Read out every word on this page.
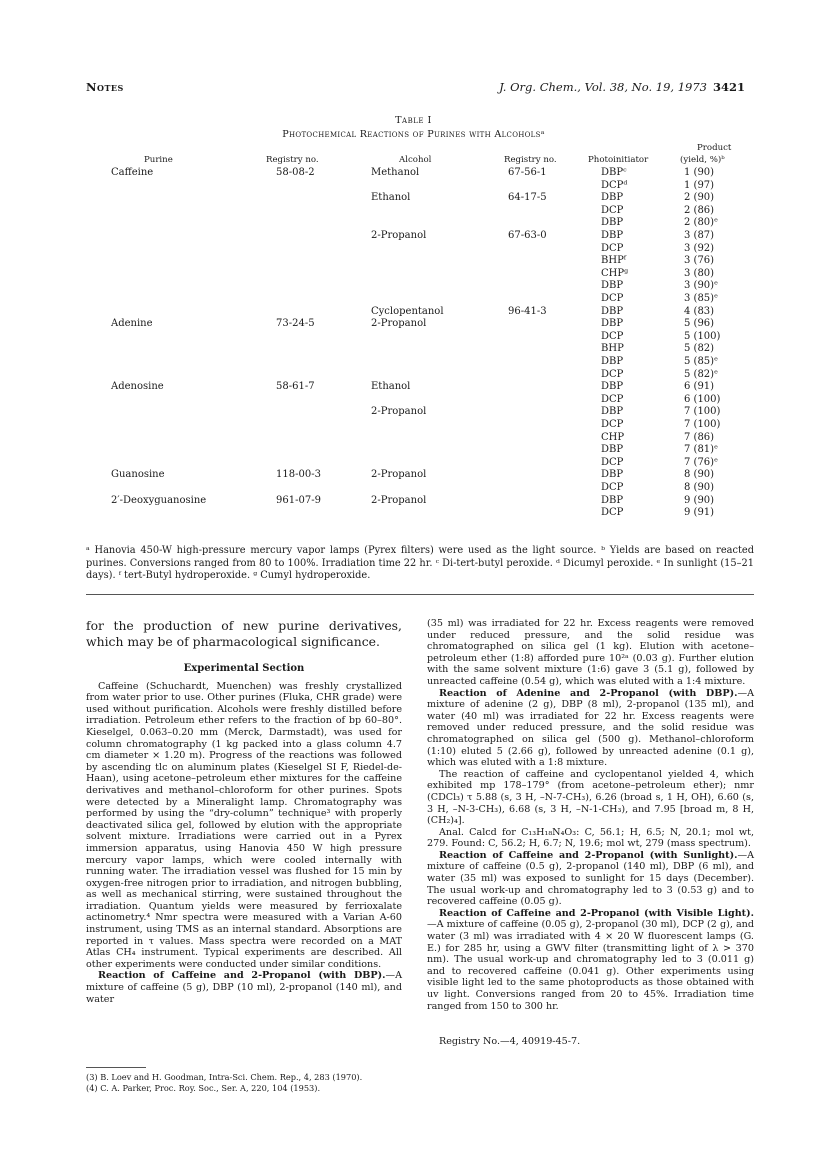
Notes	J. Org. Chem., Vol. 38, No. 19, 1973 3421
Table I
Photochemical Reactions of Purines with Alcoholsᵃ
Purine	Registry no.	Alcohol	Registry no.	Photoinitiator
Product
(yield, %)ᵇ
Caffeine	58-08-2	Methanol	67-56-1	DBPᶜ	1 (90)
DCPᵈ	1 (97)
Ethanol	64-17-5	DBP	2 (90)
DCP	2 (86)
DBP	2 (80)ᵉ
2-Propanol	67-63-0	DBP	3 (87)
DCP	3 (92)
BHPᶠ	3 (76)
CHPᵍ	3 (80)
DBP	3 (90)ᵉ
DCP	3 (85)ᵉ
Cyclopentanol	96-41-3	DBP	4 (83)
Adenine	73-24-5	2-Propanol	DBP	5 (96)
DCP	5 (100)
BHP	5 (82)
DBP	5 (85)ᵉ
DCP	5 (82)ᵉ
Adenosine	58-61-7	Ethanol	DBP	6 (91)
DCP	6 (100)
2-Propanol	DBP	7 (100)
DCP	7 (100)
CHP	7 (86)
DBP	7 (81)ᵉ
DCP	7 (76)ᵉ
Guanosine	118-00-3	2-Propanol	DBP	8 (90)
DCP	8 (90)
2′-Deoxyguanosine	961-07-9	2-Propanol	DBP	9 (90)
DCP	9 (91)
ᵃ Hanovia 450-W high-pressure mercury vapor lamps (Pyrex filters) were used as the light source. ᵇ Yields are based on reacted purines. Conversions ranged from 80 to 100%. Irradiation time 22 hr. ᶜ Di-tert-butyl peroxide. ᵈ Dicumyl peroxide. ᵉ In sunlight (15–21 days). ᶠ tert-Butyl hydroperoxide. ᵍ Cumyl hydroperoxide.

for the production of new purine derivatives, which may be of pharmacological significance.

Experimental Section

Caffeine (Schuchardt, Muenchen) was freshly crystallized from water prior to use. Other purines (Fluka, CHR grade) were used without purification. Alcohols were freshly distilled before irradiation. Petroleum ether refers to the fraction of bp 60–80°. Kieselgel, 0.063–0.20 mm (Merck, Darmstadt), was used for column chromatography (1 kg packed into a glass column 4.7 cm diameter × 1.20 m). Progress of the reactions was followed by ascending tlc on aluminum plates (Kieselgel SI F, Riedel-de-Haan), using acetone–petroleum ether mixtures for the caffeine derivatives and methanol–chloroform for other purines. Spots were detected by a Mineralight lamp. Chromatography was performed by using the “dry-column” technique³ with properly deactivated silica gel, followed by elution with the appropriate solvent mixture. Irradiations were carried out in a Pyrex immersion apparatus, using Hanovia 450 W high pressure mercury vapor lamps, which were cooled internally with running water. The irradiation vessel was flushed for 15 min by oxygen-free nitrogen prior to irradiation, and nitrogen bubbling, as well as mechanical stirring, were sustained throughout the irradiation. Quantum yields were measured by ferrioxalate actinometry.⁴ Nmr spectra were measured with a Varian A-60 instrument, using TMS as an internal standard. Absorptions are reported in τ values. Mass spectra were recorded on a MAT Atlas CH₄ instrument. Typical experiments are described. All other experiments were conducted under similar conditions.

Reaction of Caffeine and 2-Propanol (with DBP).—A mixture of caffeine (5 g), DBP (10 ml), 2-propanol (140 ml), and water

(35 ml) was irradiated for 22 hr. Excess reagents were removed under reduced pressure, and the solid residue was chromatographed on silica gel (1 kg). Elution with acetone–petroleum ether (1:8) afforded pure 10²ᵃ (0.03 g). Further elution with the same solvent mixture (1:6) gave 3 (5.1 g), followed by unreacted caffeine (0.54 g), which was eluted with a 1:4 mixture.

Reaction of Adenine and 2-Propanol (with DBP).—A mixture of adenine (2 g), DBP (8 ml), 2-propanol (135 ml), and water (40 ml) was irradiated for 22 hr. Excess reagents were removed under reduced pressure, and the solid residue was chromatographed on silica gel (500 g). Methanol–chloroform (1:10) eluted 5 (2.66 g), followed by unreacted adenine (0.1 g), which was eluted with a 1:8 mixture.

The reaction of caffeine and cyclopentanol yielded 4, which exhibited mp 178–179° (from acetone–petroleum ether); nmr (CDCl₃) τ 5.88 (s, 3 H, –N-7-CH₃), 6.26 (broad s, 1 H, OH), 6.60 (s, 3 H, –N-3-CH₃), 6.68 (s, 3 H, –N-1-CH₃), and 7.95 [broad m, 8 H, (CH₂)₄].

Anal. Calcd for C₁₃H₁₈N₄O₃: C, 56.1; H, 6.5; N, 20.1; mol wt, 279. Found: C, 56.2; H, 6.7; N, 19.6; mol wt, 279 (mass spectrum).

Reaction of Caffeine and 2-Propanol (with Sunlight).—A mixture of caffeine (0.5 g), 2-propanol (140 ml), DBP (6 ml), and water (35 ml) was exposed to sunlight for 15 days (December). The usual work-up and chromatography led to 3 (0.53 g) and to recovered caffeine (0.05 g).

Reaction of Caffeine and 2-Propanol (with Visible Light).—A mixture of caffeine (0.05 g), 2-propanol (30 ml), DCP (2 g), and water (3 ml) was irradiated with 4 × 20 W fluorescent lamps (G. E.) for 285 hr, using a GWV filter (transmitting light of λ > 370 nm). The usual work-up and chromatography led to 3 (0.011 g) and to recovered caffeine (0.041 g). Other experiments using visible light led to the same photoproducts as those obtained with uv light. Conversions ranged from 20 to 45%. Irradiation time ranged from 150 to 300 hr.

Registry No.—4, 40919-45-7.

(3) B. Loev and H. Goodman, Intra-Sci. Chem. Rep., 4, 283 (1970).
(4) C. A. Parker, Proc. Roy. Soc., Ser. A, 220, 104 (1953).
